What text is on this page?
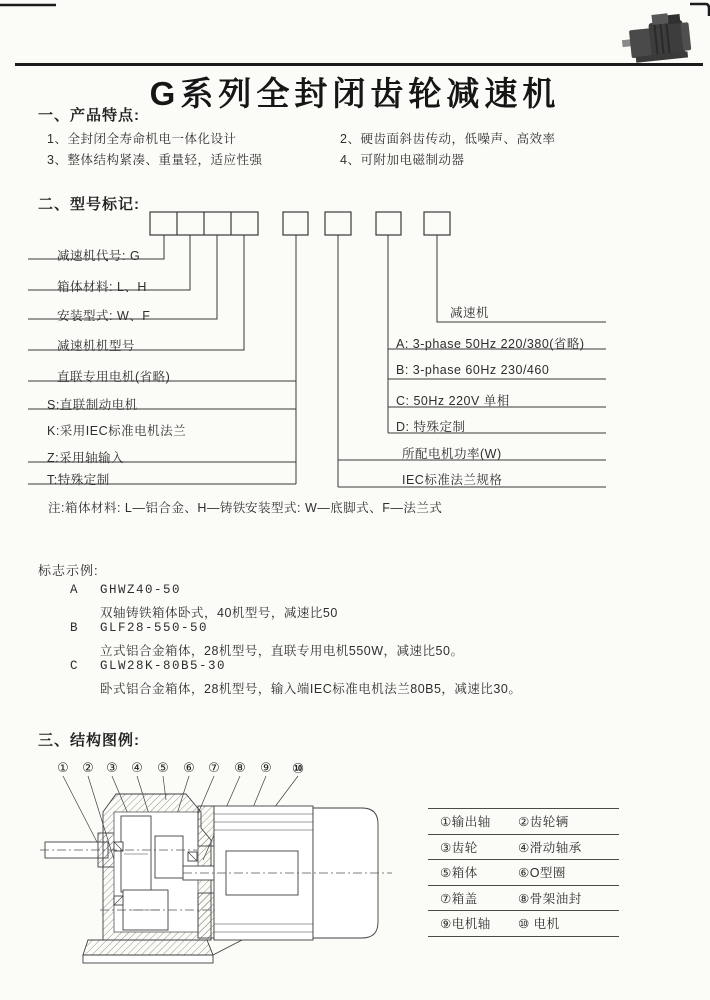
G系列全封闭齿轮减速机
一、产品特点:
二、型号标记:
标志示例:
三、结构图例:
1、全封闭全寿命机电一体化设计
3、整体结构紧凑、重量轻，适应性强
2、硬齿面斜齿传动，低噪声、高效率
4、可附加电磁制动器
减速机代号: G
箱体材料: L、H
安装型式: W、F
减速机机型号
直联专用电机(省略)
S:直联制动电机
K:采用IEC标准电机法兰
Z:采用轴输入
T:特殊定制
减速机
A: 3-phase 50Hz 220/380(省略)
B: 3-phase 60Hz 230/460
C: 50Hz 220V 单相
D: 特殊定制
所配电机功率(W)
IEC标准法兰规格
注:箱体材料: L—铝合金、H—铸铁 安装型式: W—底脚式、F—法兰式
A GHWZ40-50
双轴铸铁箱体卧式，40机型号，减速比50
B GLF28-550-50
立式铝合金箱体，28机型号，直联专用电机550W，减速比50。
C GLW28K-80B5-30
卧式铝合金箱体，28机型号，输入端IEC标准电机法兰80B5，减速比30。
① ② ③ ④ ⑤ ⑥ ⑦ ⑧ ⑨ ⑩
①输出轴	②齿轮辆
③齿轮	④滑动轴承
⑤箱体	⑥O型圈
⑦箱盖	⑧骨架油封
⑨电机轴	⑩ 电机
